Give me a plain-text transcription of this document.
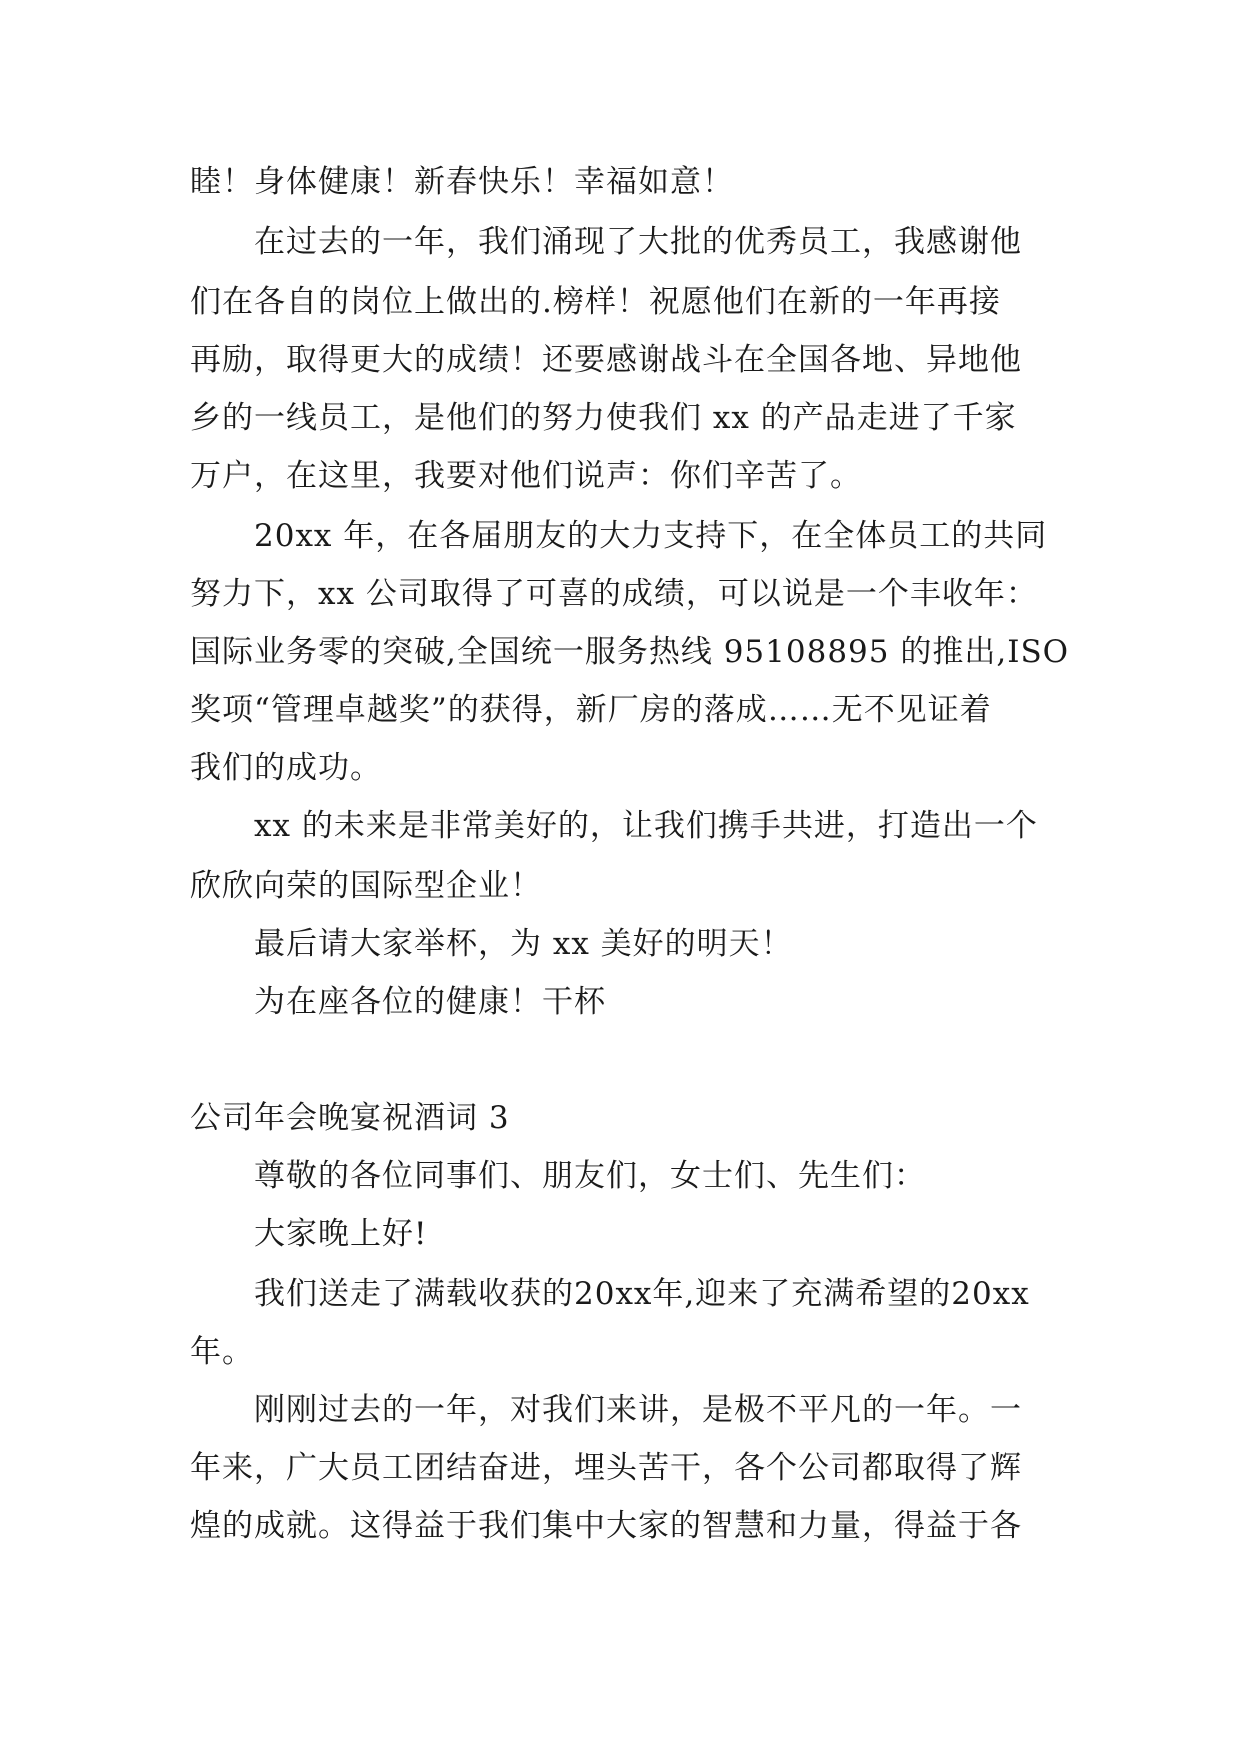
睦！身体健康！新春快乐！幸福如意！
在过去的一年，我们涌现了大批的优秀员工，我感谢他
们在各自的岗位上做出的.榜样！祝愿他们在新的一年再接
再励，取得更大的成绩！还要感谢战斗在全国各地、异地他
乡的一线员工，是他们的努力使我们 xx 的产品走进了千家
万户，在这里，我要对他们说声：你们辛苦了。
20xx 年，在各届朋友的大力支持下，在全体员工的共同
努力下，xx 公司取得了可喜的成绩，可以说是一个丰收年：
国际业务零的突破,全国统一服务热线 95108895 的推出,ISO
奖项“管理卓越奖”的获得，新厂房的落成……无不见证着
我们的成功。
xx 的未来是非常美好的，让我们携手共进，打造出一个
欣欣向荣的国际型企业！
最后请大家举杯，为 xx 美好的明天！
为在座各位的健康！干杯
公司年会晚宴祝酒词 3
尊敬的各位同事们、朋友们，女士们、先生们：
大家晚上好!
我们送走了满载收获的20xx年,迎来了充满希望的20xx
年。
刚刚过去的一年，对我们来讲，是极不平凡的一年。一
年来，广大员工团结奋进，埋头苦干，各个公司都取得了辉
煌的成就。这得益于我们集中大家的智慧和力量，得益于各
